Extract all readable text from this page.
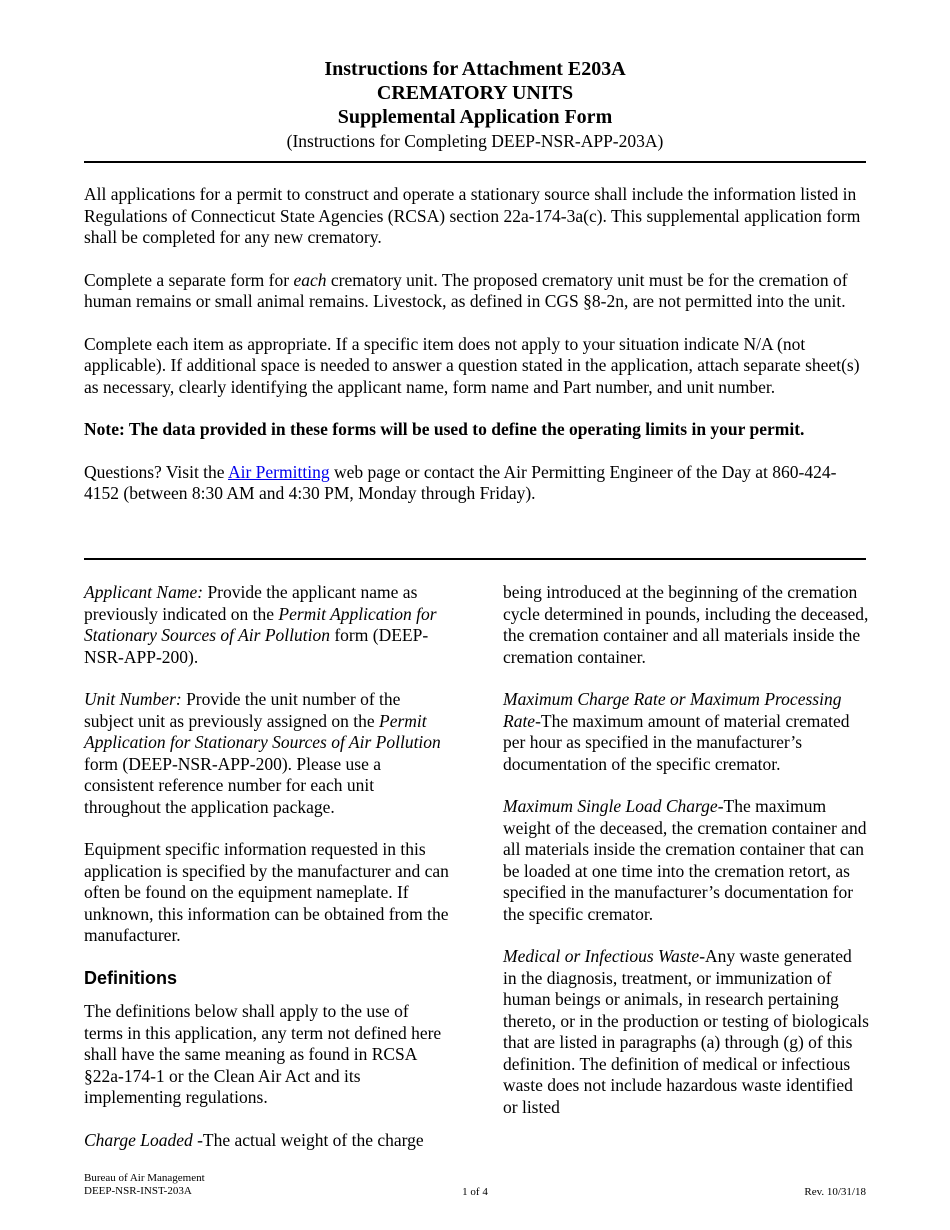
Instructions for Attachment E203A
CREMATORY UNITS
Supplemental Application Form
(Instructions for Completing DEEP-NSR-APP-203A)

All applications for a permit to construct and operate a stationary source shall include the information listed in Regulations of Connecticut State Agencies (RCSA) section 22a-174-3a(c). This supplemental application form shall be completed for any new crematory.

Complete a separate form for each crematory unit. The proposed crematory unit must be for the cremation of human remains or small animal remains. Livestock, as defined in CGS §8-2n, are not permitted into the unit.

Complete each item as appropriate. If a specific item does not apply to your situation indicate N/A (not applicable). If additional space is needed to answer a question stated in the application, attach separate sheet(s) as necessary, clearly identifying the applicant name, form name and Part number, and unit number.

Note: The data provided in these forms will be used to define the operating limits in your permit.

Questions? Visit the Air Permitting web page or contact the Air Permitting Engineer of the Day at 860-424-4152 (between 8:30 AM and 4:30 PM, Monday through Friday).

Applicant Name: Provide the applicant name as previously indicated on the Permit Application for Stationary Sources of Air Pollution form (DEEP-NSR-APP-200).

Unit Number: Provide the unit number of the subject unit as previously assigned on the Permit Application for Stationary Sources of Air Pollution form (DEEP-NSR-APP-200). Please use a consistent reference number for each unit throughout the application package.

Equipment specific information requested in this application is specified by the manufacturer and can often be found on the equipment nameplate. If unknown, this information can be obtained from the manufacturer.

Definitions

The definitions below shall apply to the use of terms in this application, any term not defined here shall have the same meaning as found in RCSA §22a-174-1 or the Clean Air Act and its implementing regulations.

Charge Loaded -The actual weight of the charge

being introduced at the beginning of the cremation cycle determined in pounds, including the deceased, the cremation container and all materials inside the cremation container.

Maximum Charge Rate or Maximum Processing Rate-The maximum amount of material cremated per hour as specified in the manufacturer’s documentation of the specific cremator.

Maximum Single Load Charge-The maximum weight of the deceased, the cremation container and all materials inside the cremation container that can be loaded at one time into the cremation retort, as specified in the manufacturer’s documentation for the specific cremator.

Medical or Infectious Waste-Any waste generated in the diagnosis, treatment, or immunization of human beings or animals, in research pertaining thereto, or in the production or testing of biologicals that are listed in paragraphs (a) through (g) of this definition. The definition of medical or infectious waste does not include hazardous waste identified or listed

Bureau of Air Management
DEEP-NSR-INST-203A	1 of 4	Rev. 10/31/18
